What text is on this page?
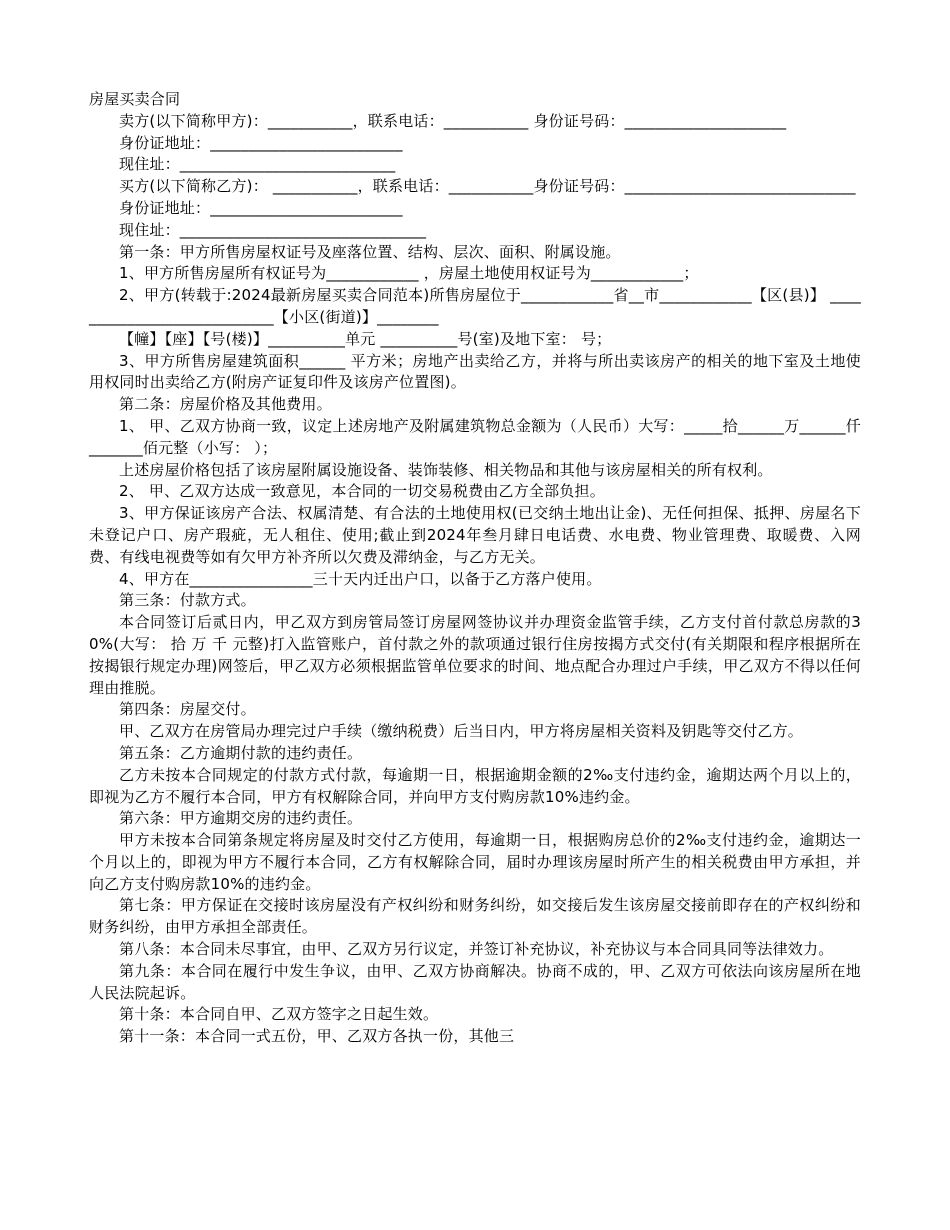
房屋买卖合同

卖方(以下简称甲方)：___________，联系电话：___________ 身份证号码：_____________________

身份证地址：_________________________

现住址：____________________________

买方(以下简称乙方)： ___________，联系电话：___________身份证号码：______________________________

身份证地址：_________________________

现住址：________________________________

第一条：甲方所售房屋权证号及座落位置、结构、层次、面积、附属设施。

1、甲方所售房屋所有权证号为____________ ，房屋土地使用权证号为____________；

2、甲方(转载于:2024最新房屋买卖合同范本)所售房屋位于____________省__市____________【区(县)】 ____________________________【小区(街道)】________

【幢】【座】【号(楼)】__________单元 __________号(室)及地下室： 号；

3、甲方所售房屋建筑面积______ 平方米；房地产出卖给乙方，并将与所出卖该房产的相关的地下室及土地使用权同时出卖给乙方(附房产证复印件及该房产位置图)。

第二条：房屋价格及其他费用。

1、 甲、乙双方协商一致，议定上述房地产及附属建筑物总金额为（人民币）大写：_____拾______万______仟_______佰元整（小写： ）；

上述房屋价格包括了该房屋附属设施设备、装饰装修、相关物品和其他与该房屋相关的所有权利。

2、 甲、乙双方达成一致意见，本合同的一切交易税费由乙方全部负担。

3、甲方保证该房产合法、权属清楚、有合法的土地使用权(已交纳土地出让金)、无任何担保、抵押、房屋名下未登记户口、房产瑕疵，无人租住、使用;截止到2024年叁月肆日电话费、水电费、物业管理费、取暖费、入网费、有线电视费等如有欠甲方补齐所以欠费及滞纳金，与乙方无关。

4、甲方在________________三十天内迁出户口，以备于乙方落户使用。

第三条：付款方式。

本合同签订后贰日内，甲乙双方到房管局签订房屋网签协议并办理资金监管手续，乙方支付首付款总房款的30%(大写： 拾 万 千 元整)打入监管账户，首付款之外的款项通过银行住房按揭方式交付(有关期限和程序根据所在按揭银行规定办理)网签后，甲乙双方必须根据监管单位要求的时间、地点配合办理过户手续，甲乙双方不得以任何理由推脱。

第四条：房屋交付。

甲、乙双方在房管局办理完过户手续（缴纳税费）后当日内，甲方将房屋相关资料及钥匙等交付乙方。

第五条：乙方逾期付款的违约责任。

乙方未按本合同规定的付款方式付款，每逾期一日，根据逾期金额的2‰支付违约金，逾期达两个月以上的，即视为乙方不履行本合同，甲方有权解除合同，并向甲方支付购房款10%违约金。

第六条：甲方逾期交房的违约责任。

甲方未按本合同第条规定将房屋及时交付乙方使用，每逾期一日，根据购房总价的2‰支付违约金，逾期达一个月以上的，即视为甲方不履行本合同，乙方有权解除合同，届时办理该房屋时所产生的相关税费由甲方承担，并向乙方支付购房款10%的违约金。

第七条：甲方保证在交接时该房屋没有产权纠纷和财务纠纷，如交接后发生该房屋交接前即存在的产权纠纷和财务纠纷，由甲方承担全部责任。

第八条：本合同未尽事宜，由甲、乙双方另行议定，并签订补充协议，补充协议与本合同具同等法律效力。

第九条：本合同在履行中发生争议，由甲、乙双方协商解决。协商不成的，甲、乙双方可依法向该房屋所在地人民法院起诉。

第十条：本合同自甲、乙双方签字之日起生效。

第十一条：本合同一式五份，甲、乙双方各执一份，其他三
